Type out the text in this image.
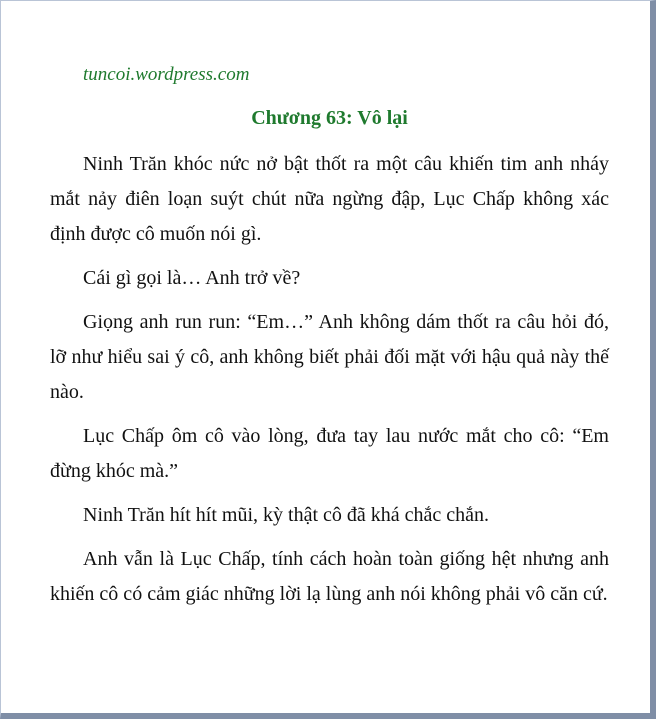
tuncoi.wordpress.com

Chương 63: Vô lại

Ninh Trăn khóc nức nở bật thốt ra một câu khiến tim anh nháy mắt nảy điên loạn suýt chút nữa ngừng đập, Lục Chấp không xác định được cô muốn nói gì.

Cái gì gọi là… Anh trở về?

Giọng anh run run: “Em…” Anh không dám thốt ra câu hỏi đó, lỡ như hiểu sai ý cô, anh không biết phải đối mặt với hậu quả này thế nào.

Lục Chấp ôm cô vào lòng, đưa tay lau nước mắt cho cô: “Em đừng khóc mà.”

Ninh Trăn hít hít mũi, kỳ thật cô đã khá chắc chắn.

Anh vẫn là Lục Chấp, tính cách hoàn toàn giống hệt nhưng anh khiến cô có cảm giác những lời lạ lùng anh nói không phải vô căn cứ.
